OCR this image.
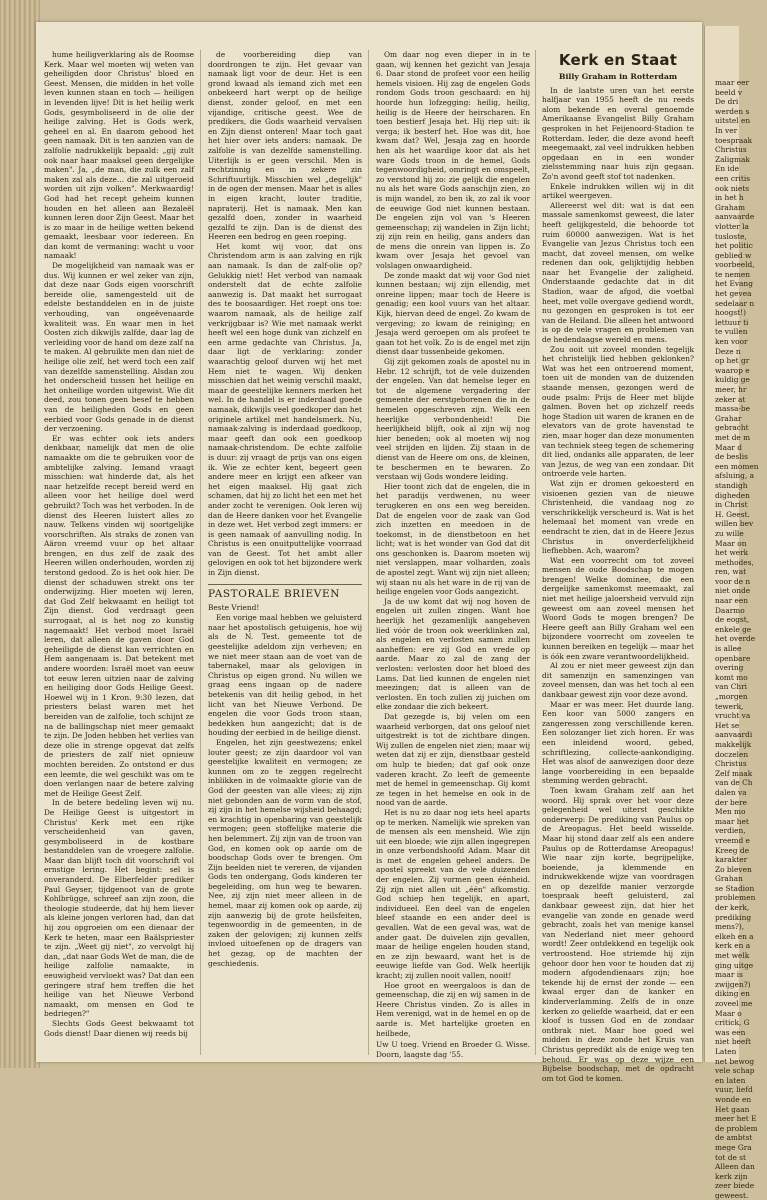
hume heiligverklaring als de Roomse Kerk. Maar wel moeten wij weten van geheiligden door Christus' bloed en Geest. Mensen, die midden in het volle leven kunnen staan en toch — heiligen in levenden lijve! Dit is het heilig werk Gods, gesymboliseerd in de olie der heilige zalving. Het is Gods werk, geheel en al. En daarom gebood het geen namaak. Dit is ten aanzien van de zalfolie nadrukkelijk bepaald: „gij zult ook naar haar maaksel geen dergelijke maken". Ja, „de man, die zulk een zalf maken zal als deze... die zal uitgeroeid worden uit zijn volken". Merkwaardig! God had het recept geheim kunnen houden en het alleen aan Bezaleël kunnen leren door Zijn Geest. Maar het is zo maar in de heilige wetten bekend gemaakt, leesbaar voor iedereen. En dan komt de vermaning: wacht u voor namaak!

De mogelijkheid van namaak was er dus. Wij kunnen er wel zeker van zijn, dat deze naar Gods eigen voorschrift bereide olie, samengesteld uit de edelste bestanddelen en in de juiste verhouding, van ongeëvenaarde kwaliteit was. En waar men in het Oosten zich dikwijls zalfde, daar lag de verleiding voor de hand om deze zalf na te maken. Al gebruikte men dan niet de heilige olie zelf, het werd toch een zalf van dezelfde samenstelling. Alsdan zou het onderscheid tussen het heilige en het onheilige worden uitgewist. Wie dit deed, zou tonen geen besef te hebben van de heiligheden Gods en geen eerbied voor Gods genade in de dienst der verzoening.

Er was echter ook iets anders denkbaar, namelijk dat men de olie namaakte om die te gebruiken voor de ambtelijke zalving. Iemand vraagt misschien: wat hinderde dat, als het naar hetzelfde recept bereid werd en alleen voor het heilige doel werd gebruikt? Toch was het verboden. In de dienst des Heeren luistert alles zo nauw. Telkens vinden wij soortgelijke voorschriften. Als straks de zonen van Aäron vreemd vuur op het altaar brengen, en dus zelf de zaak des Heeren willen onderhouden, worden zij terstond gedood. Zo is het ook hier. De dienst der schaduwen strekt ons ter onderwijzing. Hier moeten wij leren, dat God Zelf bekwaamt en heiligt tot Zijn dienst. God verdraagt geen surrogaat, al is het nog zo kunstig nagemaakt! Het verbod moet Israël leren, dat alleen de gaven door God geheiligde de dienst kan verrichten en Hem aangenaam is. Dat betekent met andere woorden: Israël moet van eeuw tot eeuw leren uitzien naar de zalving en heiliging door Gods Heilige Geest. Hoewel wij in 1 Kron. 9:30 lezen, dat priesters belast waren met het bereiden van de zalfolie, toch schijnt ze na de ballingschap niet meer gemaakt te zijn. De Joden hebben het verlies van deze olie in strenge opgevat dat zelfs de priesters de zalf niet opnieuw mochten bereiden. Zo ontstond er dus een leemte, die wel geschikt was om te doen verlangen naar de betere zalving met de Heilige Geest Zelf.

In de betere bedeling leven wij nu. De Heilige Geest is uitgestort in Christus' Kerk met een rijke verscheidenheid van gaven, gesymboliseerd in de kostbare bestanddelen van de vroegere zalfolie. Maar dan blijft toch dit voorschrift vol ernstige lering. Het begint: sel is onveranderd. De Elberfelder prediker Paul Geyser, tijdgenoot van de grote Kohlbrügge, schreef aan zijn zoon, die theologie studeerde, dat hij hem liever als kleine jongen verloren had, dan dat hij zou opgroeien om een dienaar der Kerk te heten, maar een Baälspriester te zijn. „Weet gij niet", zo vervolgt hij dan, „dat naar Gods Wet de man, die de heilige zalfolie namaakte, in eeuwigheid vervloekt was? Dat dan een geringere straf hem treffen die het heilige van het Nieuwe Verbond namaakt, om mensen en God te bedriegen?"

Slechts Gods Geest bekwaamt tot Gods dienst! Daar dienen wij reeds bij

de voorbereiding diep van doordrongen te zijn. Het gevaar van namaak ligt voor de deur. Het is een grond kwaad als iemand zich met een onbekeerd hart werpt op de heilige dienst, zonder geloof, en met een vijandige, critische geest. Wee de predikers, die Gods waarheid vervalsen en Zijn dienst onteren! Maar toch gaat het hier over iets anders: namaak. De zalfolie is van dezelfde samenstelling. Uiterlijk is er geen verschil. Men is rechtzinnig en in zekere zin Schriftuurlijk. Misschien wel „degelijk" in de ogen der mensen. Maar het is alles in eigen kracht, louter traditie, napraterij. Het is namaak. Men kan gezalfd doen, zonder in waarheid gezalfd te zijn. Dan is de dienst des Heeren een bedrog en geen roeping.

Het komt wij voor, dat ons Christendom arm is aan zalving en rijk aan namaak. Is dan de zalf-olie op? Gelukkig niet! Het verbod van namaak onderstelt dat de echte zalfolie aanwezig is. Dat maakt het surrogaat des te boosaardiger. Het roept ons toe: waarom namaak, als de heilige zalf verkrijgbaar is? Wie met namaak werkt heeft wel een hoge dunk van zichzelf en een arme gedachte van Christus. Ja, daar ligt de verklaring: zonder waarachtig geloof durven wij het met Hem niet te wagen. Wij denken misschien dat het weinig verschil maakt, maar de geestelijke kenners merken het wel. In de handel is er inderdaad goede namaak, dikwijls veel goedkoper dan het originele artikel met handelsmerk. Nu, namaak-zalving is inderdaad goedkoop, maar geeft dan ook een goedkoop namaak-christendom. De echte zalfolie is duur: zij vraagt de prijs van ons eigen ik. Wie ze echter kent, begeert geen andere meer en krijgt een afkeer van het eigen maaksel. Hij gaat zich schamen, dat hij zo licht het een met het ander zocht te verenigen. Ook leren wij dan de Heere danken voor het Evangelie in deze wet. Het verbod zegt immers: er is geen namaak of aanvulling nodig. In Christus is een onuitputtelijke voorraad van de Geest. Tot het ambt aller gelovigen en ook tot het bijzondere werk in Zijn dienst.

PASTORALE BRIEVEN
Beste Vriend!

Een vorige maal hebben we geluisterd naar het apostolisch getuigenis, hoe wij als de N. Test. gemeente tot de geestelijke adeldom zijn verheven; en we niet meer staan aan de voet van de tabernakel, maar als gelovigen in Christus op eigen grond. Nu willen we graag eens ingaan op de nadere betekenis van dit heilig gebod, in het licht van het Nieuwe Verbond. De engelen die voor Gods troon staan, bedekken hun aangezicht; dat is de houding der eerbied in de heilige dienst.

Engelen, het zijn geestwezens; enkel louter geest; ze zijn daardoor vol van geestelijke kwaliteit en vermogen; ze kunnen om zo te zeggen regelrecht inblikken in de volmaakte glorie van de God der geesten van alle vlees; zij zijn niet gebonden aan de vorm van de stof, zij zijn in het hemelse wijsheid behaagd; en krachtig in openbaring van geestelijk vermogen; geen stoffelijke materie die hen belemmert. Zij zijn van de troon van God, en komen ook op aarde om de boodschap Gods over te brengen. Om Zijn beelden niet te vereren, de vijanden Gods ten ondergang, Gods kinderen ter begeleiding, om hun weg te bewaren. Nee, zij zijn niet meer alleen in de hemel, maar zij komen ook op aarde, zij zijn aanwezig bij de grote heilsfeiten, tegenwoordig in de gemeenten, in de zaken der gelovigen; zij kunnen zelfs invloed uitoefenen op de dragers van het gezag, op de machten der geschiedenis.

Om daar nog even dieper in in te gaan, wij kennen het gezicht van Jesaja 6. Daar stond de profeet voor een heilig hemels visioen. Hij zag de engelen Gods rondom Gods troon geschaard: en hij hoorde hun lofzegging: heilig, heilig, heilig is de Heere der heirscharen. En toen bestierf Jesaja het. Hij riep uit: ik verga; ik besterf het. Hoe was dit, hoe kwam dat? Wel, Jesaja zag en hoorde hen als het waardige koor dat als het ware Gods troon in de hemel, Gods tegenwoordigheid, omringt en omspeelt, zo verstond hij zo: zie gelijk die engelen nu als het ware Gods aanschijn zien, zo is mijn wandel, zo ben ik, zo zal ik voor de eeuwige God niet kunnen bestaan. De engelen zijn vol van 's Heeren gemeenschap; zij wandelen in Zijn licht; zij zijn rein en heilig, gans anders dan de mens die onrein van lippen is. Zo kwam over Jesaja het gevoel van volslagen onwaardigheid.

De zonde maakt dat wij voor God niet kunnen bestaan; wij zijn ellendig, met onreine lippen; maar toch de Heere is genadig; een kool vuurs van het altaar. Kijk, hiervan deed de engel. Zo kwam de vergeving; zo kwam de reiniging; en Jesaja werd geroepen om als profeet te gaan tot het volk. Zo is de engel met zijn dienst daar tussenbeide gekomen.

Gij zijt gekomen zoals de apostel nu in Hebr. 12 schrijft, tot de vele duizenden der engelen. Van dat hemelse leger en tot de algemene vergadering der gemeente der eerstgeborenen die in de hemelen opgeschreven zijn. Welk een heerlijke verbondenheid! Die heerlijkheid blijft, ook al zijn wij nog hier beneden; ook al moeten wij nog veel strijden en lijden. Zij staan in de dienst van de Heere om ons, de kleinen, te beschermen en te bewaren. Zo verstaan wij Gods wondere leiding.

Hier toont zich dat de engelen, die in het paradijs verdwenen, nu weer terugkeren en ons een weg bereiden. Dat de engelen voor de zaak van God zich inzetten en meedoen in de toekomst, in de dienstbetoon en het licht; wat is het wonder van God dat dit ons geschonken is. Daarom moeten wij niet verslappen, maar volharden, zoals de apostel zegt. Want wij zijn niet alleen; wij staan nu als het ware in de rij van de heilige engelen voor Gods aangezicht.

Ja de uw komt dat wij nog hoven de engelen uit zullen zingen. Want hoe heerlijk het gezamenlijk aangeheven lied vóór de troon ook weerklinken zal, als engelen en verlosten samen zullen aanheffen: ere zij God en vrede op aarde. Maar zo zal de zang der verlosten: verlosten door het bloed des Lams. Dat lied kunnen de engelen niet meezingen; dat is alleen van de verlosten. En toch zullen zij juichen om elke zondaar die zich bekeert.

Dat gezegde is, bij velen om een waarheid verborgen, dat ons geloof niet uitgestrekt is tot de zichtbare dingen. Wij zullen de engelen niet zien; maar wij weten dat zij er zijn, dienstbaar gesteld om hulp te bieden; dat gaf ook onze vaderen kracht. Zo leeft de gemeente met de hemel in gemeenschap. Gij komt ze tegen in het hemelse en ook in de nood van de aarde.

Het is nu zo daar nog iets heel aparts op te merken. Namelijk wie spreken van de mensen als een mensheid. Wie zijn uit een bloede; wie zijn allen ingegrepen in onze verbondshoofd Adam. Maar dit is met de engelen geheel anders. De apostel spreekt van de vele duizenden der engelen. Zij vormen geen éénheid. Zij zijn niet allen uit „één" afkomstig. God schiep hen tegelijk, en apart, individueel. Een deel van de engelen bleef staande en een ander deel is gevallen. Wat de een geval was, wat de ander gaat. De duivelen zijn gevallen, maar de heilige engelen houden stand, en ze zijn bewaard, want het is de eeuwige liefde van God. Welk heerlijk kracht; zij zullen nooit vallen, nooit!

Hoe groot en weergaloos is dan de gemeenschap, die zij en wij samen in de Heere Christus vinden. Zo is alles in Hem verenigd, wat in de hemel en op de aarde is. Met hartelijke groeten en heilbede,

Uw U toeg. Vriend en Broeder G. Wisse. Doorn, laagste dag '55.
Kerk en Staat
Billy Graham in Rotterdam

In de laatste uren van het eerste halfjaar van 1955 heeft de nu reeds alom bekende en overal genoemde Amerikaanse Evangelist Billy Graham gesproken in het Feijenoord-Stadion te Rotterdam. Ieder, die deze avond heeft meegemaakt, zal veel indrukken hebben opgedaan en in een wonder zielsstemming naar huis zijn gegaan. Zo'n avond geeft stof tot nadenken.

Enkele indrukken willen wij in dit artikel weergeven.

Allereerst wel dit: wat is dat een massale samenkomst geweest, die later heeft gelijkgesteld, die behoorde tot ruim 60000 aanwezigen. Wat is het Evangelie van Jezus Christus toch een macht, dat zoveel mensen, om welke redenen dan ook, gelijktijdig hebben naar het Evangelie der zaligheid. Onderstaande gedachte dat in dit Stadion, waar de afgod, die voetbal heet, met volle overgave gediend wordt, nu gezongen en gesproken is tot eer van de Heiland. Die alleen het antwoord is op de vele vragen en problemen van de hedendaagse wereld en mens.

Zou ooit uit zoveel monden tegelijk het christelijk lied hebben geklonken? Wat was het een ontroerend moment, toen uit de monden van de duizenden staande mensen, gezongen werd de oude psalm: Prijs de Heer met blijde galmen. Boven het op zichzelf reeds hoge Stadion uit waren de kranen en de elevators van de grote havenstad te zien, maar hoger dan deze monumenten van techniek steeg tegen de schemering dit lied, ondanks alle apparaten, de leer van Jezus, de weg van een zondaar. Dit ontroerde vele harten.

Wat zijn er dromen gekoesterd en visioenen gezien van de nieuwe Christenheid, die vandaag nog zo verschrikkelijk verscheurd is. Wat is het helemaal het moment van vrede en eendracht te zien, dat in de Heere Jezus Christus in onverderfelijkheid liefhebben. Ach, waarom?

Wat een voorrecht om tot zoveel mensen de oude Boodschap te mogen brengen! Welke dominee, die een dergelijke samenkomst meemaakt, zal niet met heilige jaloersheid vervuld zijn geweest om aan zoveel mensen het Woord Gods te mogen brengen? De Heere geeft aan Billy Graham wel een bijzondere voorrecht om zoveelen te kunnen bereiken en tegelijk — maar het is óók een zware verantwoordelijkheid.

Al zou er niet meer geweest zijn dan dit samenzijn en samenzingen van zoveel mensen, dan was het toch al een dankbaar gewest zijn voor deze avond.

Maar er was meer. Het duurde lang. Een koor van 5000 zangers en zangeressen zong verschillende keren. Een solozanger liet zich horen. Er was een inleidend woord, gebed, schriftlezing, collecte-aankondiging. Het was alsof de aanwezigen door deze lange voorbereiding in een bepaalde stemming werden gebracht.

Toen kwam Graham zelf aan het woord. Hij sprak over het voor deze gelegenheid wel uiterst geschikte onderwerp: De prediking van Paulus op de Areopagus. Het beeld wisselde. Maar hij stond daar zelf als een andere Paulus op de Rotterdamse Areopagus! Wie naar zijn korte, begrijpelijke, boeiende, ja klemmende en indrukwekkende wijze van voordragen en op dezelfde manier verzorgde toespraak heeft geluisterd, zal dankbaar geweest zijn, dat hier het evangelie van zonde en genade werd gebracht, zoals het van menige kansel van Nederland niet meer gehoord wordt! Zeer ontdekkend en tegelijk ook vertroostend. Hoe striemde hij zijn gehoor door hen voor te houden dat zij modern afgodendienaars zijn; hoe tekende hij de ernst der zonde — een kwaal erger dan de kanker en kinderverlamming. Zelfs de in onze kerken zo geliefde waarheid, dat er een kloof is tussen God en de zondaar ontbrak niet. Maar hoe goed wel midden in deze zonde het Kruis van Christus gepredikt als de enige weg ten behoud. Er was op deze wijze een Bijbelse boodschap, met de opdracht om tot God te komen.

maar eer

beeld v

De dri

werden s

uitstel en

In ver

toespraak

Christus

Zaligmak

En ide

een critis

ook niets

in het h

Graham

aanvaarde

vlotter la

tusloste,

het politic

geblied w

voorbeeld,

te nemen

het Evang

het gevea

sedelaar n

hoogst!)

lettuur ti

te vullen

ken voor

Deze n

op het gr

waarop e

kuldig ge

meer, hr

zeker at

massa-be

Grahar

gebracht

met de m

Maar d

de beslis

een momen

afsluing, a

standigh

digheden

in Christ

H. Geest.

willen bev

zu wille

Maar on

het werk

methodes,

ren, wat

voor de n

niet onde

naar een

Daarmo

de eogst,

enkele ge

het overde

is allee

openbare

overing

komt mo

van Chri

„morgen

tewerk,

vrucht va

Het se

aanvaardi

makkelijk

doczelen

Christus

Zelf maak

van de Ch

dalen va

der bere

Men mo

maar het

verdien,

vreemd e

Kreeg de

karakter

Zo bleven

Grahan

se Stadion

problemen

der kerk,

prediking

mens?),

elkeh en a

kerk en a

met welk

ging uitge

maar is

zwijgen?)

diking en

zoveel me

Maar o

critick, G

was een

niet beeft

Laten

net bewog

vele schap

en laten

vuur, liefd

wonde en

Het gaan

meer het E

de problem

de ambtst

mege Gra

tot de st

Alleen dan

kerk zijn

zeer biede

geweest.
